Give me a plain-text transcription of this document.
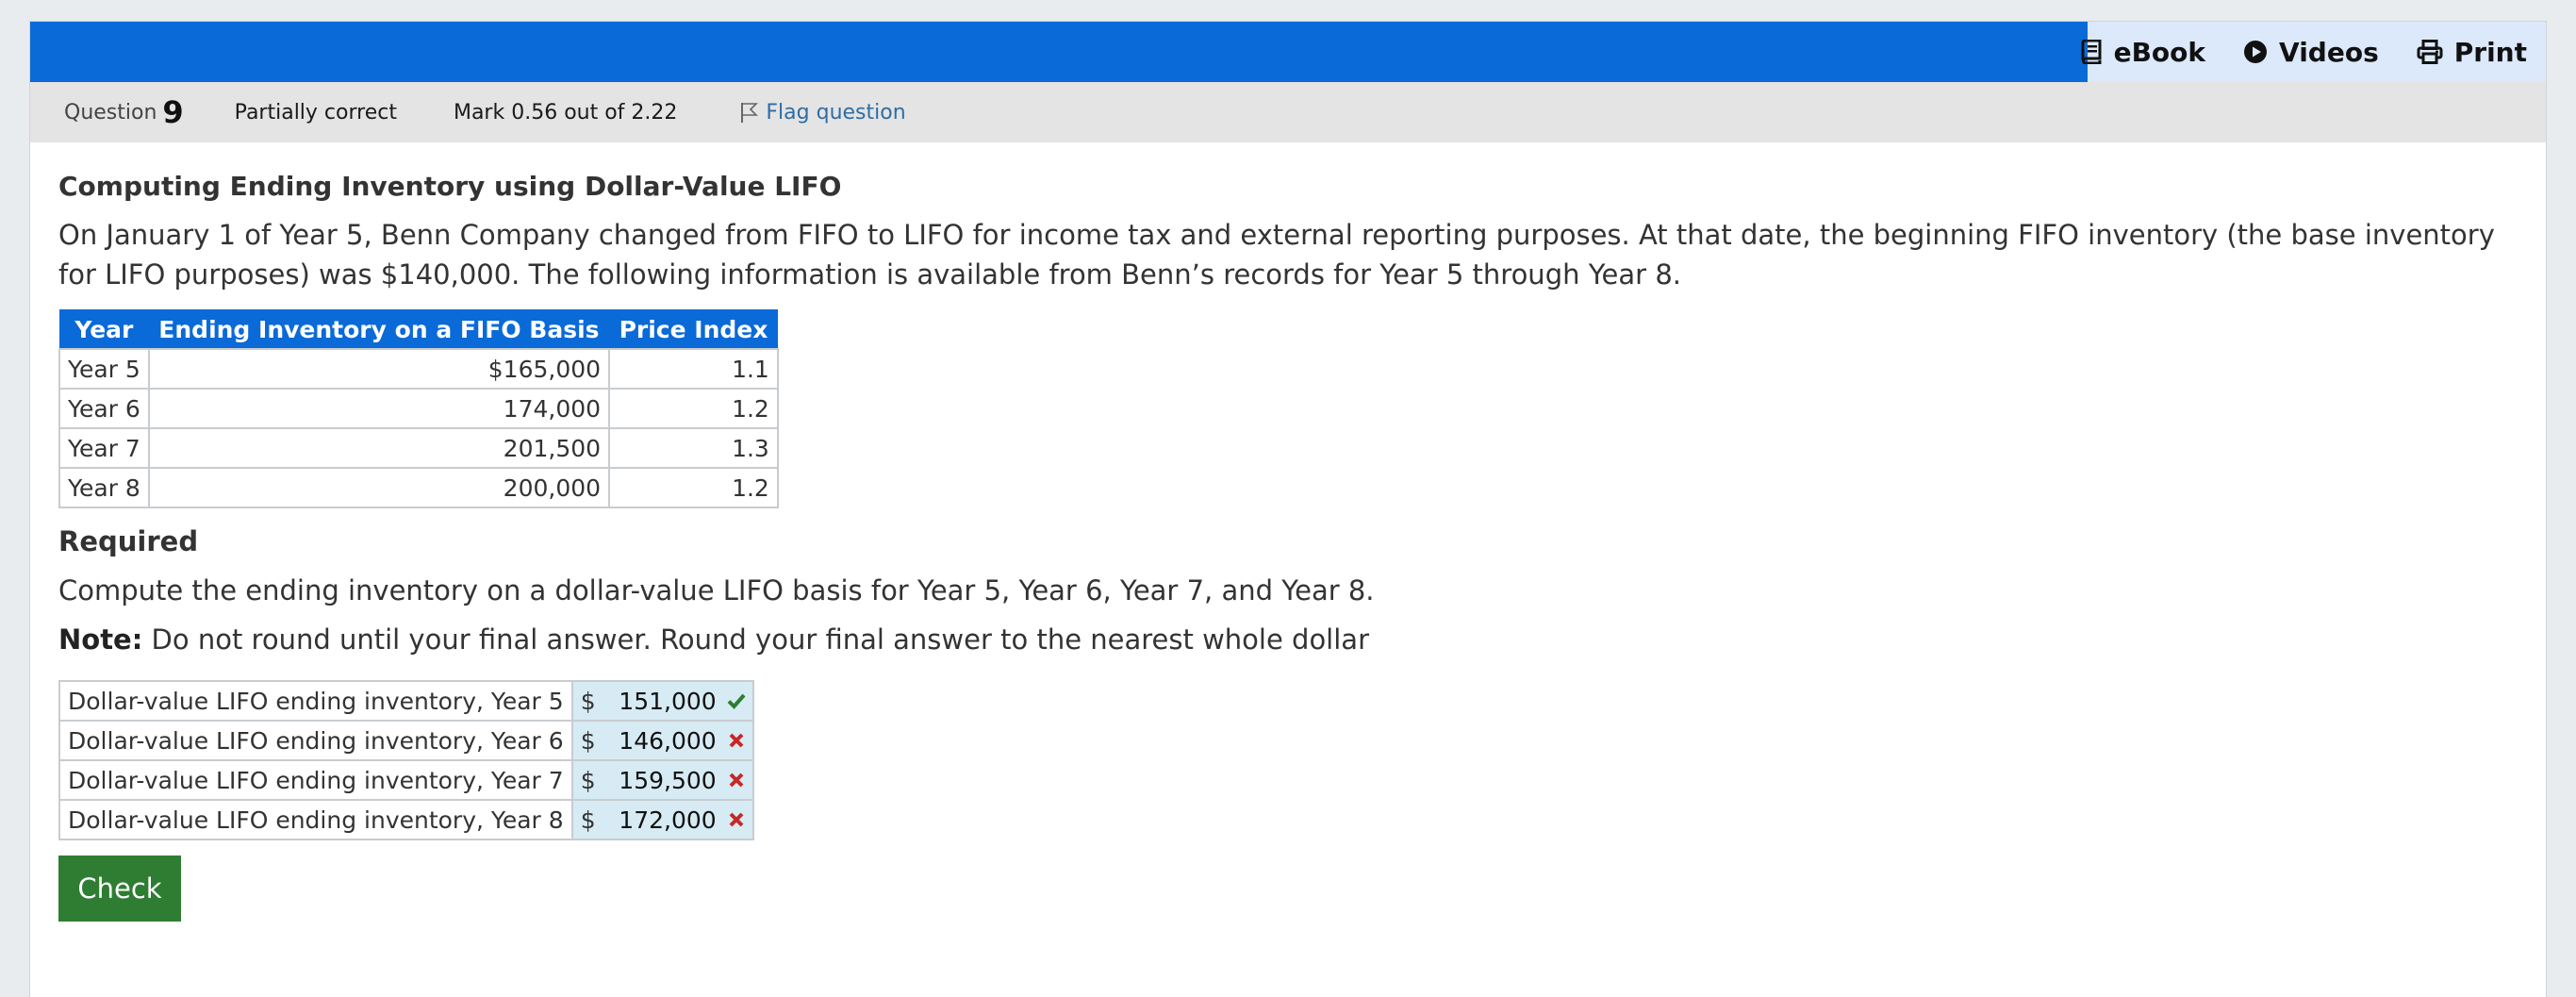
eBook	Videos	Print
Question 9 Partially correct	Mark 0.56 out of 2.22	Flag question

Computing Ending Inventory using Dollar-Value LIFO

On January 1 of Year 5, Benn Company changed from FIFO to LIFO for income tax and external reporting purposes. At that date, the beginning FIFO inventory (the base inventory for LIFO purposes) was $140,000. The following information is available from Benn’s records for Year 5 through Year 8.

Year	Ending Inventory on a FIFO Basis	Price Index
Year 5	$165,000	1.1
Year 6	174,000	1.2
Year 7	201,500	1.3
Year 8	200,000	1.2
Required

Compute the ending inventory on a dollar-value LIFO basis for Year 5, Year 6, Year 7, and Year 8.

Note: Do not round until your final answer. Round your final answer to the nearest whole dollar

Dollar-value LIFO ending inventory, Year 5	$ 151,000

Dollar-value LIFO ending inventory, Year 6	$ 146,000

Dollar-value LIFO ending inventory, Year 7	$ 159,500

Dollar-value LIFO ending inventory, Year 8	$ 172,000
Check
